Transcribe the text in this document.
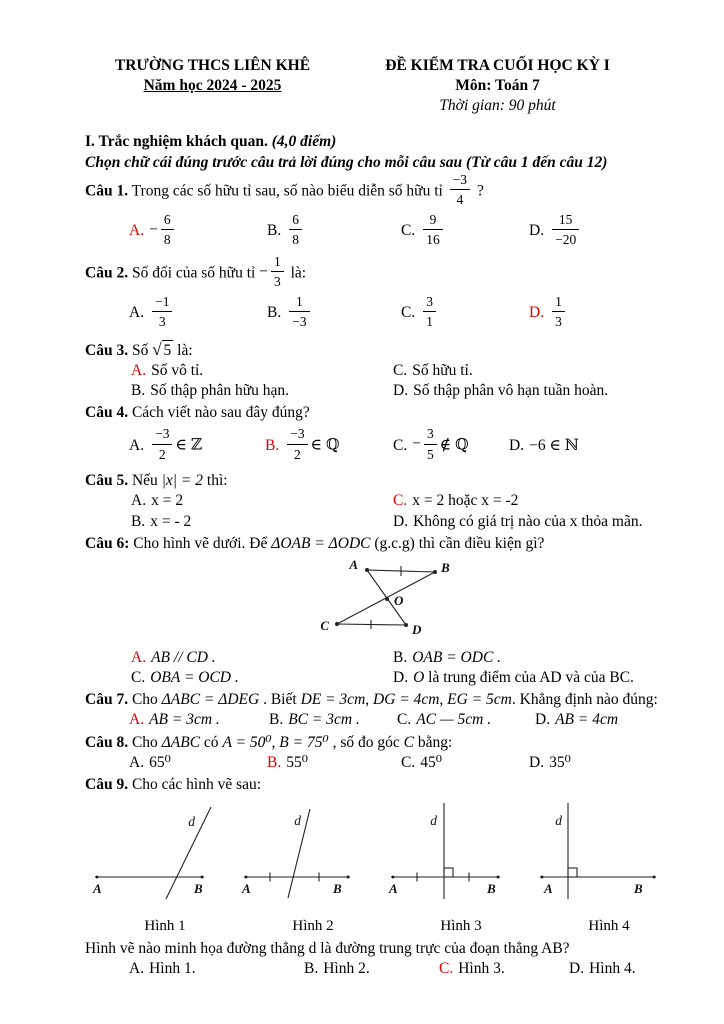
TRƯỜNG THCS LIÊN KHÊ
Năm học 2024 - 2025
ĐỀ KIỂM TRA CUỐI HỌC KỲ I
Môn: Toán 7
Thời gian: 90 phút
I. Trắc nghiệm khách quan. (4,0 điểm)
Chọn chữ cái đúng trước câu trả lời đúng cho mỗi câu sau (Từ câu 1 đến câu 12)
Câu 1. Trong các số hữu tỉ sau, số nào biểu diễn số hữu tỉ $\frac{-3}{4}$ ?
A. − $\frac{6}{8}$	B. $\frac{6}{8}$	C. $\frac{9}{16}$	D. $\frac{15}{-20}$
Câu 2. Số đối của số hữu tỉ − $\frac{1}{3}$ là:
A. $\frac{-1}{3}$	B. $\frac{1}{-3}$	C. $\frac{3}{1}$	D. $\frac{1}{3}$
Câu 3. Số √ 5 là:
A. Số vô tỉ.	C. Số hữu tỉ.
B. Số thập phân hữu hạn.	D. Số thập phân vô hạn tuần hoàn.
Câu 4. Cách viết nào sau đây đúng?
A. $\frac{-3}{2}$ ∈ ℤ	B. $\frac{-3}{2}$ ∈ ℚ	C. − $\frac{3}{5}$ ∉ ℚ	D. −6 ∈ ℕ
Câu 5. Nếu |x| = 2 thì:
A. x = 2	C. x = 2 hoặc x = -2
B. x = - 2	D. Không có giá trị nào của x thỏa mãn.
Câu 6: Cho hình vẽ dưới. Để ΔOAB = ΔODC (g.c.g) thì cần điều kiện gì?
A	B
O
C	D
A. AB // CD .	B. OAB = ODC .
C. OBA = OCD .	D. O là trung điểm của AD và của BC.
Câu 7. Cho ΔABC = ΔDEG . Biết DE = 3cm, DG = 4cm, EG = 5cm. Khẳng định nào đúng:
A. AB = 3cm .	B. BC = 3cm .	C. AC — 5cm .	D. AB = 4cm
Câu 8. Cho ΔABC có A = 50⁰, B = 75⁰ , số đo góc C bằng:
A. 65⁰	B. 55⁰	C. 45⁰	D. 35⁰
Câu 9. Cho các hình vẽ sau:
d
A	B
Hình 1
d
A	B
Hình 2
d
A	B
Hình 3
d
A	B
Hình 4
Hình vẽ nào minh họa đường thẳng d là đường trung trực của đoạn thẳng AB?
A. Hình 1.	B. Hình 2.	C. Hình 3.	D. Hình 4.
